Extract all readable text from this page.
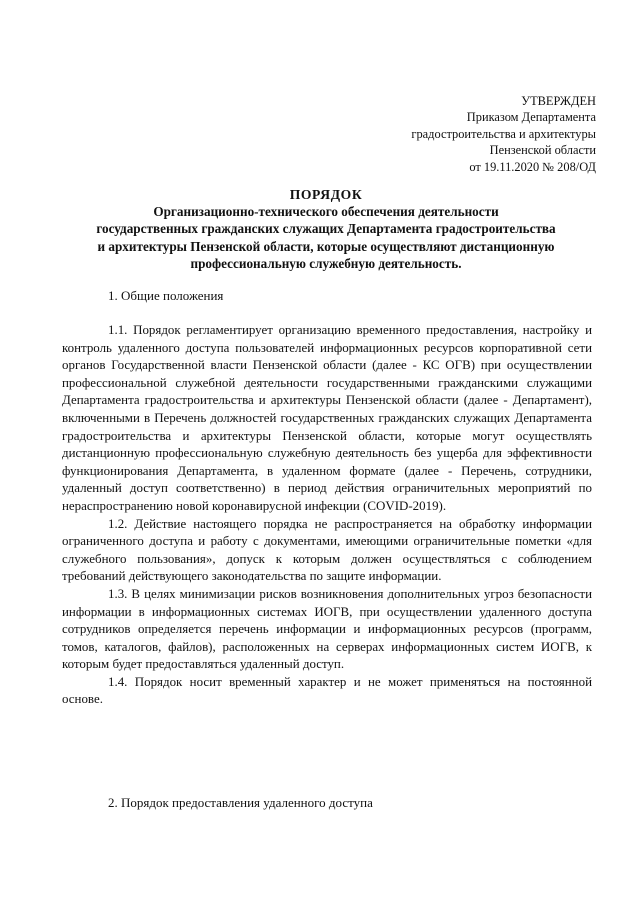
УТВЕРЖДЕН
Приказом Департамента
градостроительства и архитектуры
Пензенской области
от 19.11.2020 № 208/ОД
ПОРЯДОК
Организационно-технического обеспечения деятельности
государственных гражданских служащих Департамента градостроительства
и архитектуры Пензенской области, которые осуществляют дистанционную
профессиональную служебную деятельность.
1. Общие положения

1.1. Порядок регламентирует организацию временного предоставления, настройку и контроль удаленного доступа пользователей информационных ресурсов корпоративной сети органов Государственной власти Пензенской области (далее - КС ОГВ) при осуществлении профессиональной служебной деятельности государственными гражданскими служащими Департамента градостроительства и архитектуры Пензенской области (далее - Департамент), включенными в Перечень должностей государственных гражданских служащих Департамента градостроительства и архитектуры Пензенской области, которые могут осуществлять дистанционную профессиональную служебную деятельность без ущерба для эффективности функционирования Департамента, в удаленном формате (далее - Перечень, сотрудники, удаленный доступ соответственно) в период действия ограничительных мероприятий по нераспространению новой коронавирусной инфекции (COVID-2019).

1.2. Действие настоящего порядка не распространяется на обработку информации ограниченного доступа и работу с документами, имеющими ограничительные пометки «для служебного пользования», допуск к которым должен осуществляться с соблюдением требований действующего законодательства по защите информации.

1.3. В целях минимизации рисков возникновения дополнительных угроз безопасности информации в информационных системах ИОГВ, при осуществлении удаленного доступа сотрудников определяется перечень информации и информационных ресурсов (программ, томов, каталогов, файлов), расположенных на серверах информационных систем ИОГВ, к которым будет предоставляться удаленный доступ.

1.4. Порядок носит временный характер и не может применяться на постоянной основе.

2. Порядок предоставления удаленного доступа
